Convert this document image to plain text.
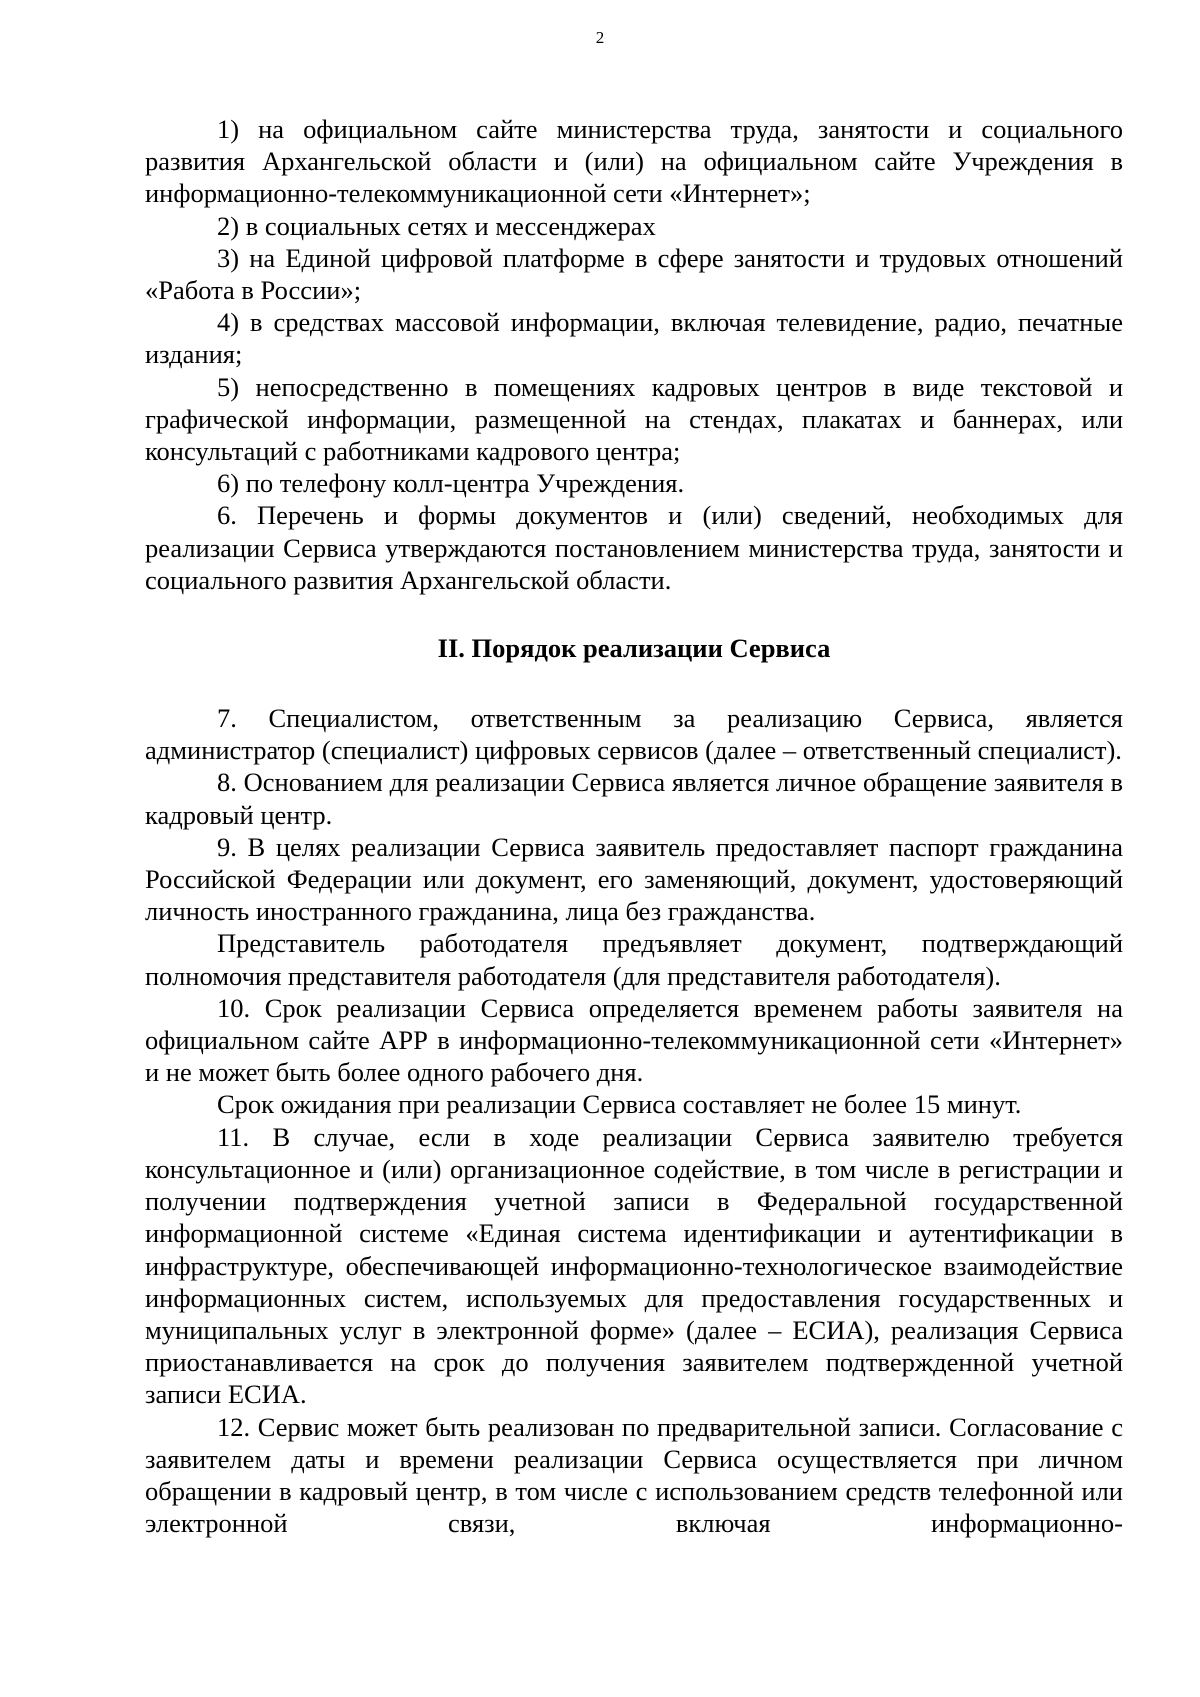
2

1) на официальном сайте министерства труда, занятости и социального развития Архангельской области и (или) на официальном сайте Учреждения в информационно-телекоммуникационной сети «Интернет»;

2) в социальных сетях и мессенджерах

3) на Единой цифровой платформе в сфере занятости и трудовых отношений «Работа в России»;

4) в средствах массовой информации, включая телевидение, радио, печатные издания;

5) непосредственно в помещениях кадровых центров в виде текстовой и графической информации, размещенной на стендах, плакатах и баннерах, или консультаций с работниками кадрового центра;

6) по телефону колл-центра Учреждения.

6. Перечень и формы документов и (или) сведений, необходимых для реализации Сервиса утверждаются постановлением министерства труда, занятости и социального развития Архангельской области.

II. Порядок реализации Сервиса

7. Специалистом, ответственным за реализацию Сервиса, является администратор (специалист) цифровых сервисов (далее – ответственный специалист).

8. Основанием для реализации Сервиса является личное обращение заявителя в кадровый центр.

9. В целях реализации Сервиса заявитель предоставляет паспорт гражданина Российской Федерации или документ, его заменяющий, документ, удостоверяющий личность иностранного гражданина, лица без гражданства.

Представитель работодателя предъявляет документ, подтверждающий полномочия представителя работодателя (для представителя работодателя).

10. Срок реализации Сервиса определяется временем работы заявителя на официальном сайте АРР в информационно-телекоммуникационной сети «Интернет» и не может быть более одного рабочего дня.

Срок ожидания при реализации Сервиса составляет не более 15 минут.

11. В случае, если в ходе реализации Сервиса заявителю требуется консультационное и (или) организационное содействие, в том числе в регистрации и получении подтверждения учетной записи в Федеральной государственной информационной системе «Единая система идентификации и аутентификации в инфраструктуре, обеспечивающей информационно-технологическое взаимодействие информационных систем, используемых для предоставления государственных и муниципальных услуг в электронной форме» (далее – ЕСИА), реализация Сервиса приостанавливается на срок до получения заявителем подтвержденной учетной записи ЕСИА.

12. Сервис может быть реализован по предварительной записи. Согласование с заявителем даты и времени реализации Сервиса осуществляется при личном обращении в кадровый центр, в том числе с использованием средств телефонной или электронной связи, включая информационно-
